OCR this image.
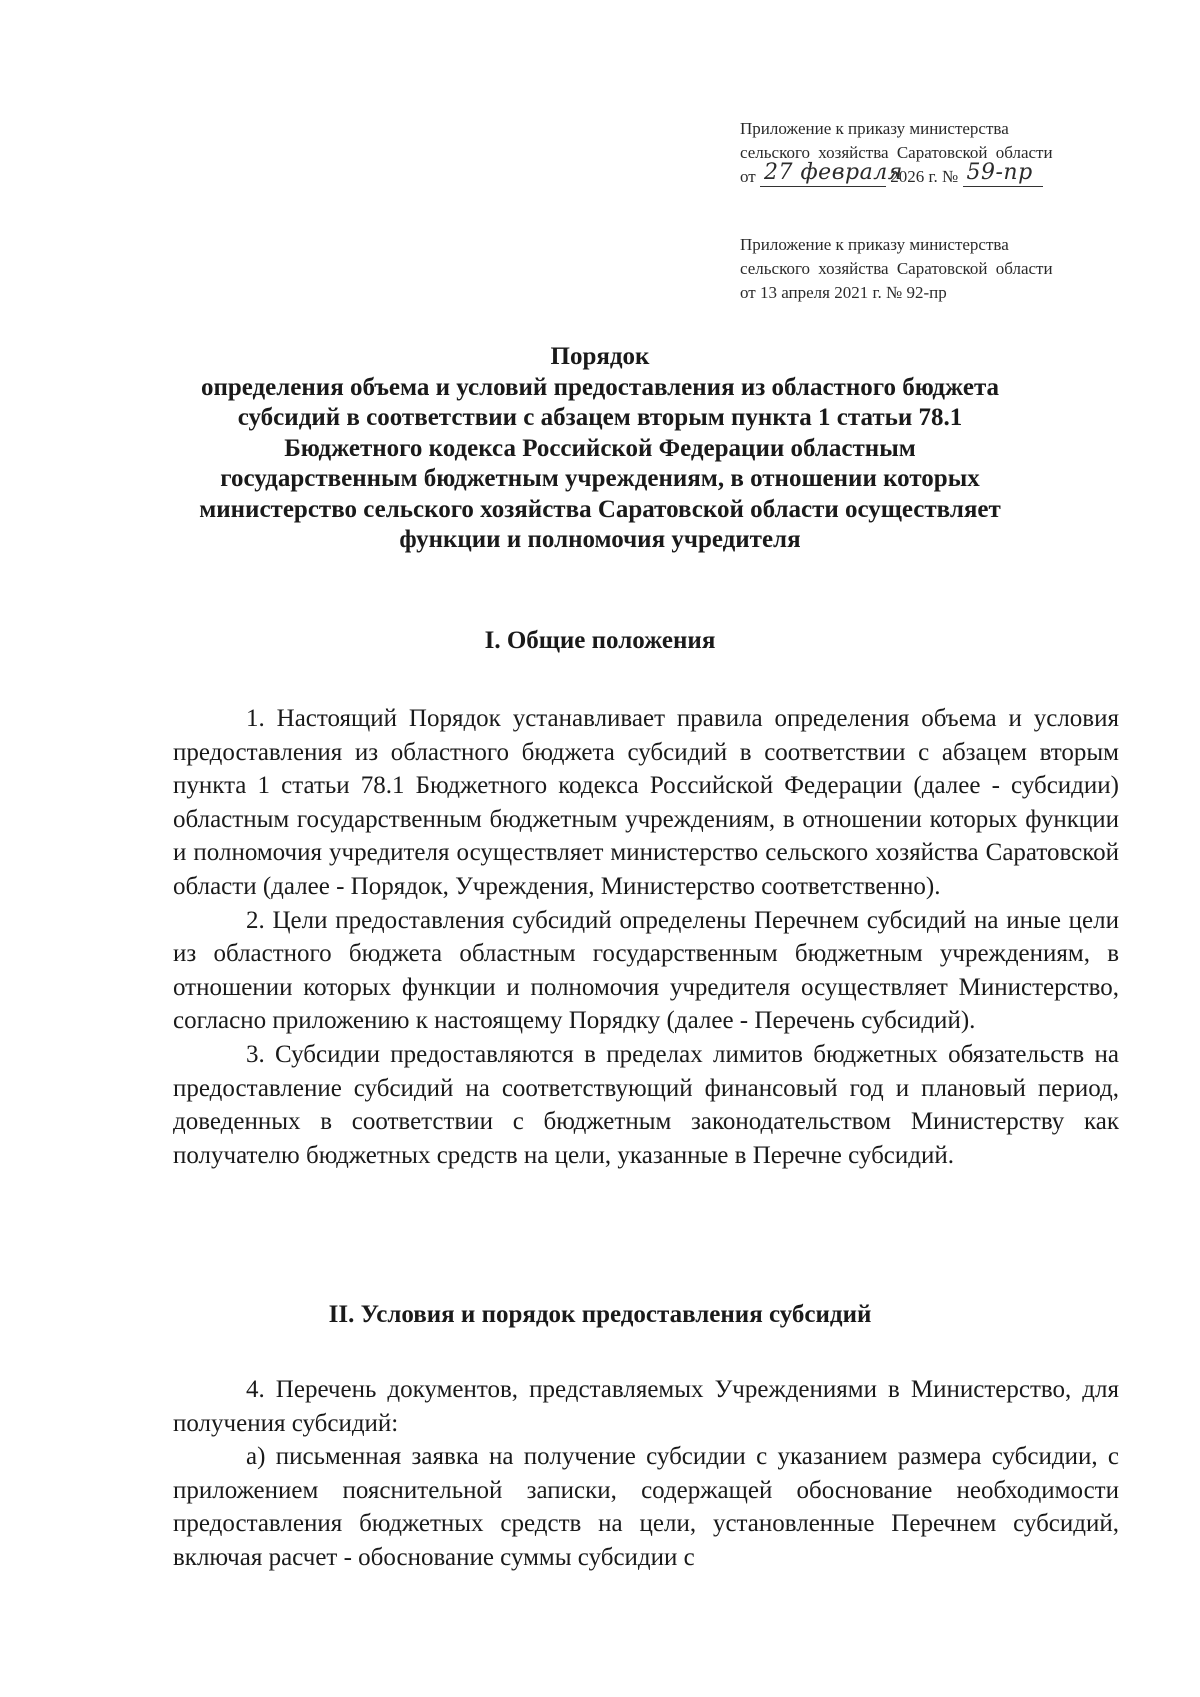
Приложение к приказу министерства
сельского хозяйства Саратовской области
от 27 февраля 2026 г. № 59-пр
Приложение к приказу министерства
сельского хозяйства Саратовской области
от 13 апреля 2021 г. № 92-пр
Порядок
определения объема и условий предоставления из областного бюджета
субсидий в соответствии с абзацем вторым пункта 1 статьи 78.1
Бюджетного кодекса Российской Федерации областным
государственным бюджетным учреждениям, в отношении которых
министерство сельского хозяйства Саратовской области осуществляет
функции и полномочия учредителя
I. Общие положения

1. Настоящий Порядок устанавливает правила определения объема и условия предоставления из областного бюджета субсидий в соответствии с абзацем вторым пункта 1 статьи 78.1 Бюджетного кодекса Российской Федерации (далее - субсидии) областным государственным бюджетным учреждениям, в отношении которых функции и полномочия учредителя осуществляет министерство сельского хозяйства Саратовской области (далее - Порядок, Учреждения, Министерство соответственно).

2. Цели предоставления субсидий определены Перечнем субсидий на иные цели из областного бюджета областным государственным бюджетным учреждениям, в отношении которых функции и полномочия учредителя осуществляет Министерство, согласно приложению к настоящему Порядку (далее - Перечень субсидий).

3. Субсидии предоставляются в пределах лимитов бюджетных обязательств на предоставление субсидий на соответствующий финансовый год и плановый период, доведенных в соответствии с бюджетным законодательством Министерству как получателю бюджетных средств на цели, указанные в Перечне субсидий.

II. Условия и порядок предоставления субсидий

4. Перечень документов, представляемых Учреждениями в Министерство, для получения субсидий:

а) письменная заявка на получение субсидии с указанием размера субсидии, с приложением пояснительной записки, содержащей обоснование необходимости предоставления бюджетных средств на цели, установленные Перечнем субсидий, включая расчет - обоснование суммы субсидии с
